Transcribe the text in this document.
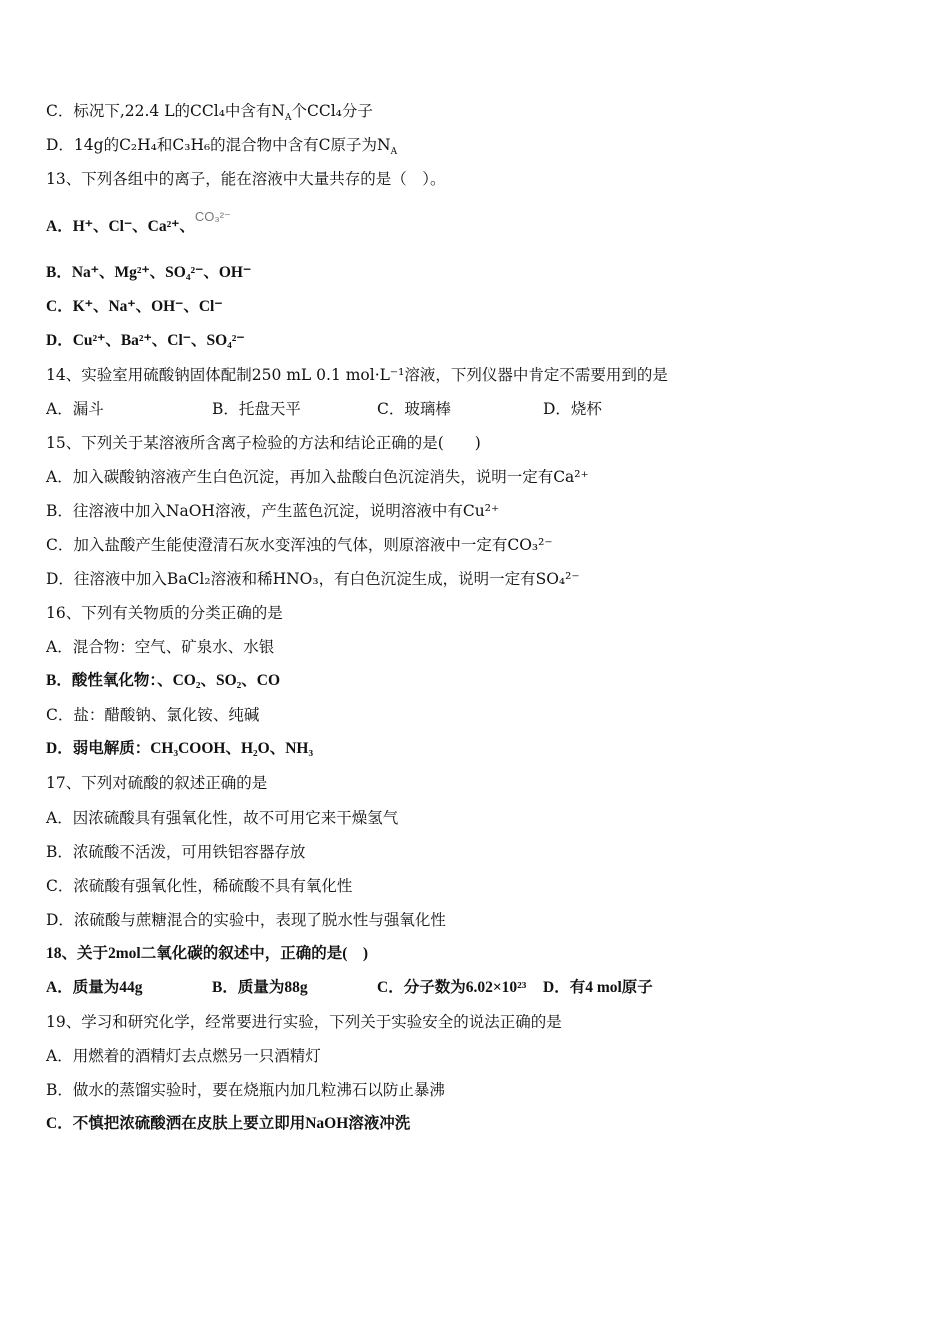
C．标况下,22.4 L的CCl₄中含有$N_A$个CCl₄分子
D．14g的C₂H₄和C₃H₆的混合物中含有C原子为$N_A$
13、下列各组中的离子，能在溶液中大量共存的是（　）。
A．H⁺、Cl⁻、Ca²⁺、$^{CO_3^{2-}}$
B．Na⁺、Mg²⁺、SO₄²⁻、OH⁻
C．K⁺、Na⁺、OH⁻、Cl⁻
D．Cu²⁺、Ba²⁺、Cl⁻、SO₄²⁻
14、实验室用硫酸钠固体配制250 mL 0.1 mol·L⁻¹溶液，下列仪器中肯定不需要用到的是
A．漏斗	B．托盘天平	C．玻璃棒	D．烧杯
15、下列关于某溶液所含离子检验的方法和结论正确的是(　　)
A．加入碳酸钠溶液产生白色沉淀，再加入盐酸白色沉淀消失，说明一定有Ca²⁺
B．往溶液中加入NaOH溶液，产生蓝色沉淀，说明溶液中有Cu²⁺
C．加入盐酸产生能使澄清石灰水变浑浊的气体，则原溶液中一定有CO₃²⁻
D．往溶液中加入BaCl₂溶液和稀HNO₃，有白色沉淀生成，说明一定有SO₄²⁻
16、下列有关物质的分类正确的是
A．混合物：空气、矿泉水、水银
B．酸性氧化物：、CO₂、SO₂、CO
C．盐：醋酸钠、氯化铵、纯碱
D．弱电解质：CH₃COOH、H₂O、NH₃
17、下列对硫酸的叙述正确的是
A．因浓硫酸具有强氧化性，故不可用它来干燥氢气
B．浓硫酸不活泼，可用铁铝容器存放
C．浓硫酸有强氧化性，稀硫酸不具有氧化性
D．浓硫酸与蔗糖混合的实验中，表现了脱水性与强氧化性
18、关于2mol二氧化碳的叙述中，正确的是(　)
A．质量为44g	B．质量为88g	C．分子数为6.02×10²³ D．有4 mol原子
19、学习和研究化学，经常要进行实验，下列关于实验安全的说法正确的是
A．用燃着的酒精灯去点燃另一只酒精灯
B．做水的蒸馏实验时，要在烧瓶内加几粒沸石以防止暴沸
C．不慎把浓硫酸洒在皮肤上要立即用NaOH溶液冲洗
